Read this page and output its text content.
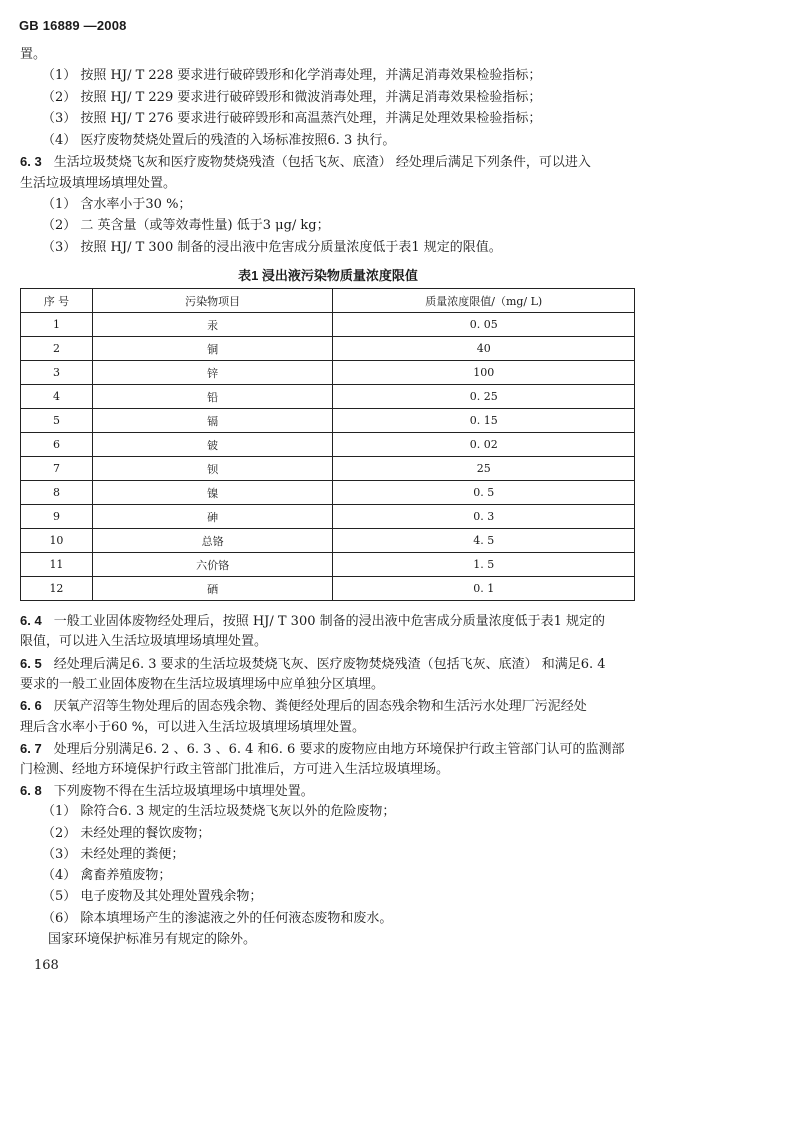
GB 16889 —2008
置。
（1） 按照 HJ/ T 228 要求进行破碎毁形和化学消毒处理，并满足消毒效果检验指标；
（2） 按照 HJ/ T 229 要求进行破碎毁形和微波消毒处理，并满足消毒效果检验指标；
（3） 按照 HJ/ T 276 要求进行破碎毁形和高温蒸汽处理，并满足处理效果检验指标；
（4） 医疗废物焚烧处置后的残渣的入场标准按照6. 3 执行。
6. 3 生活垃圾焚烧飞灰和医疗废物焚烧残渣（包括飞灰、底渣） 经处理后满足下列条件，可以进入
生活垃圾填埋场填埋处置。
（1） 含水率小于30 %；
（2） 二 英含量（或等效毒性量) 低于3 μg/ kg；
（3） 按照 HJ/ T 300 制备的浸出液中危害成分质量浓度低于表1 规定的限值。
表1 浸出液污染物质量浓度限值
序 号	污染物项目	质量浓度限值/（mg/ L)
1	汞	0. 05
2	铜	40
3	锌	100
4	铅	0. 25
5	镉	0. 15
6	铍	0. 02
7	钡	25
8	镍	0. 5
9	砷	0. 3
10	总铬	4. 5
11	六价铬	1. 5
12	硒	0. 1
6. 4 一般工业固体废物经处理后，按照 HJ/ T 300 制备的浸出液中危害成分质量浓度低于表1 规定的
限值，可以进入生活垃圾填埋场填埋处置。
6. 5 经处理后满足6. 3 要求的生活垃圾焚烧飞灰、医疗废物焚烧残渣（包括飞灰、底渣） 和满足6. 4
要求的一般工业固体废物在生活垃圾填埋场中应单独分区填埋。
6. 6 厌氧产沼等生物处理后的固态残余物、粪便经处理后的固态残余物和生活污水处理厂污泥经处
理后含水率小于60 %，可以进入生活垃圾填埋场填埋处置。
6. 7 处理后分别满足6. 2 、6. 3 、6. 4 和6. 6 要求的废物应由地方环境保护行政主管部门认可的监测部
门检测、经地方环境保护行政主管部门批准后，方可进入生活垃圾填埋场。
6. 8 下列废物不得在生活垃圾填埋场中填埋处置。
（1） 除符合6. 3 规定的生活垃圾焚烧飞灰以外的危险废物；
（2） 未经处理的餐饮废物；
（3） 未经处理的粪便；
（4） 禽畜养殖废物；
（5） 电子废物及其处理处置残余物；
（6） 除本填埋场产生的渗滤液之外的任何液态废物和废水。
国家环境保护标准另有规定的除外。
168
